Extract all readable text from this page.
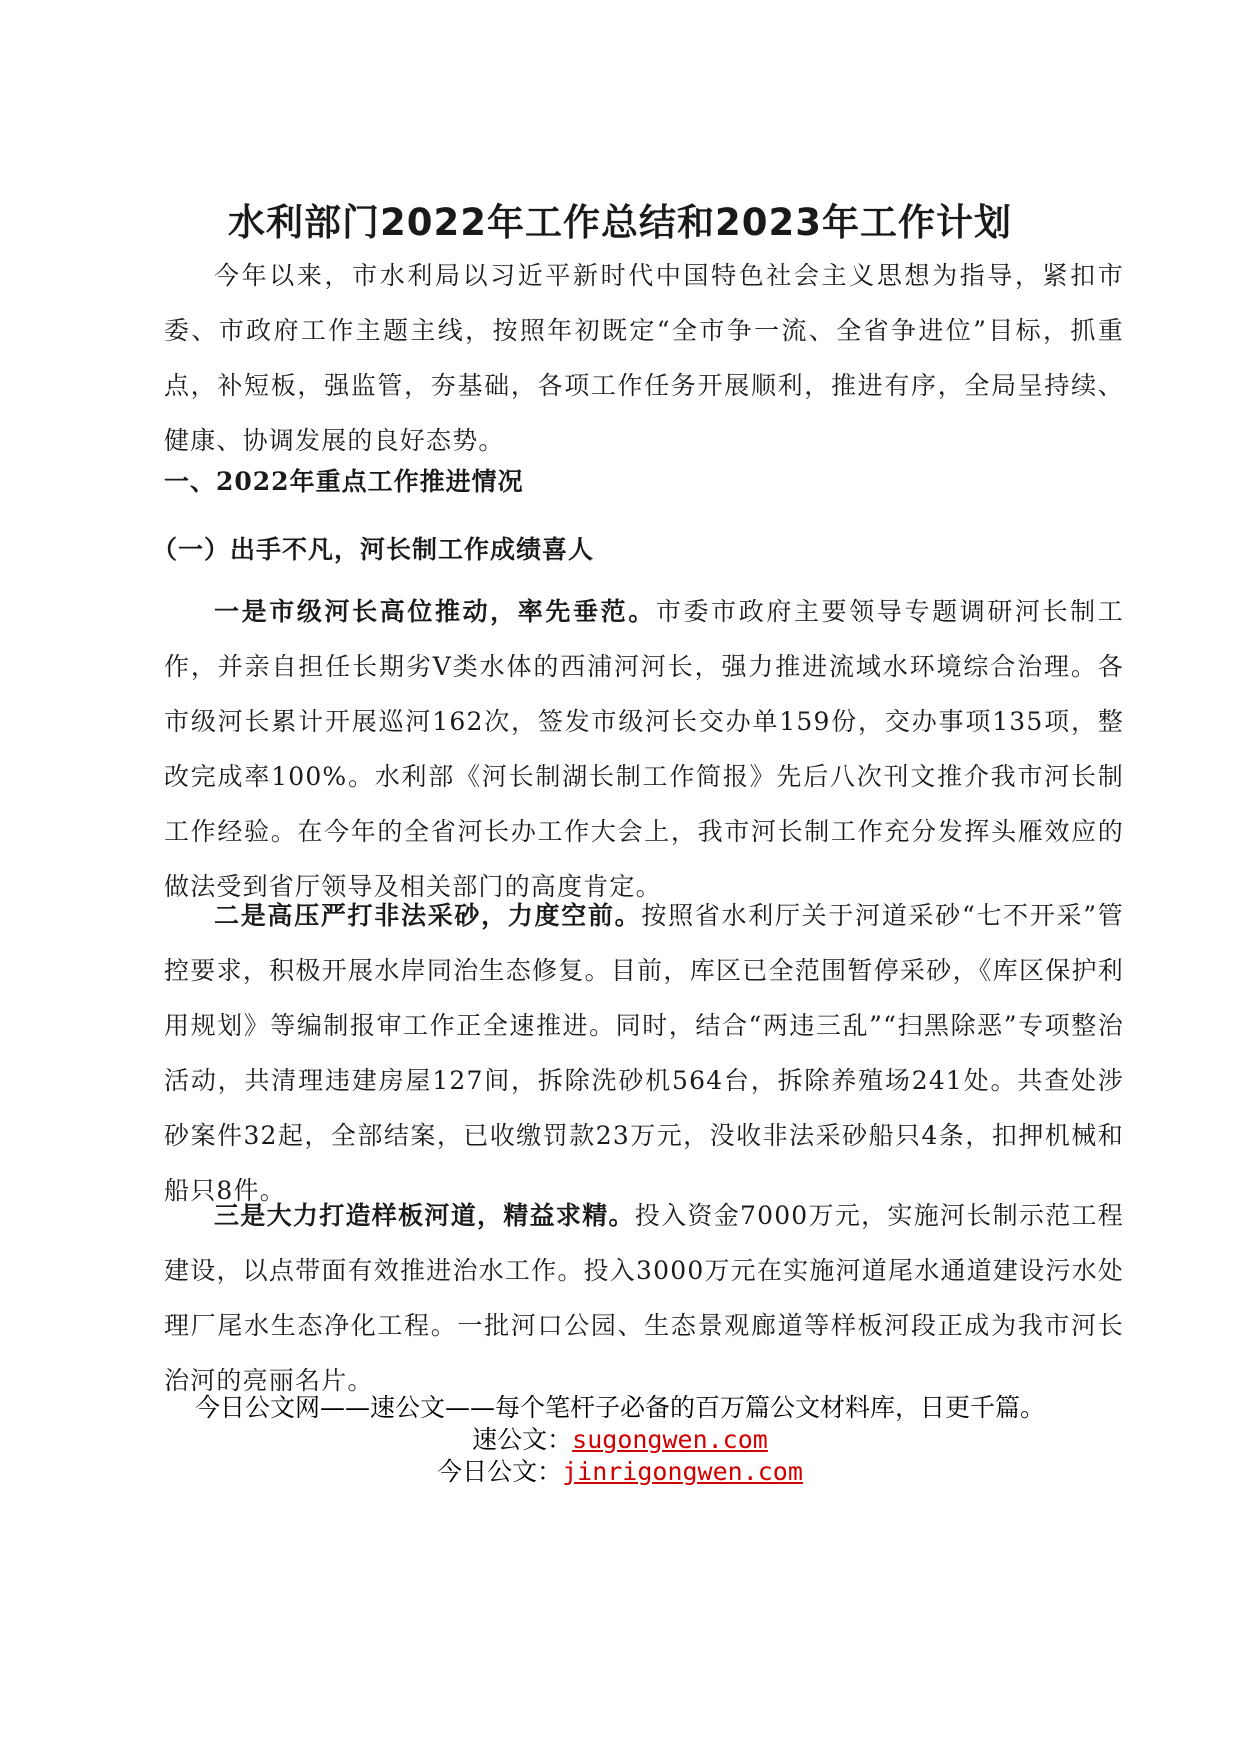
水利部门2022年工作总结和2023年工作计划

今年以来，市水利局以习近平新时代中国特色社会主义思想为指导，紧扣市委、市政府工作主题主线，按照年初既定“全市争一流、全省争进位”目标，抓重点，补短板，强监管，夯基础，各项工作任务开展顺利，推进有序，全局呈持续、健康、协调发展的良好态势。

一、2022年重点工作推进情况

（一）出手不凡，河长制工作成绩喜人

一是市级河长高位推动，率先垂范。市委市政府主要领导专题调研河长制工作，并亲自担任长期劣Ⅴ类水体的西浦河河长，强力推进流域水环境综合治理。各市级河长累计开展巡河162次，签发市级河长交办单159份，交办事项135项，整改完成率100%。水利部《河长制湖长制工作简报》先后八次刊文推介我市河长制工作经验。在今年的全省河长办工作大会上，我市河长制工作充分发挥头雁效应的做法受到省厅领导及相关部门的高度肯定。

二是高压严打非法采砂，力度空前。按照省水利厅关于河道采砂“七不开采”管控要求，积极开展水岸同治生态修复。目前，库区已全范围暂停采砂，《库区保护利用规划》等编制报审工作正全速推进。同时，结合“两违三乱”“扫黑除恶”专项整治活动，共清理违建房屋127间，拆除洗砂机564台，拆除养殖场241处。共查处涉砂案件32起，全部结案，已收缴罚款23万元，没收非法采砂船只4条，扣押机械和船只8件。

三是大力打造样板河道，精益求精。投入资金7000万元，实施河长制示范工程建设，以点带面有效推进治水工作。投入3000万元在实施河道尾水通道建设污水处理厂尾水生态净化工程。一批河口公园、生态景观廊道等样板河段正成为我市河长治河的亮丽名片。

今日公文网——速公文——每个笔杆子必备的百万篇公文材料库，日更千篇。

速公文：sugongwen.com

今日公文：jinrigongwen.com
